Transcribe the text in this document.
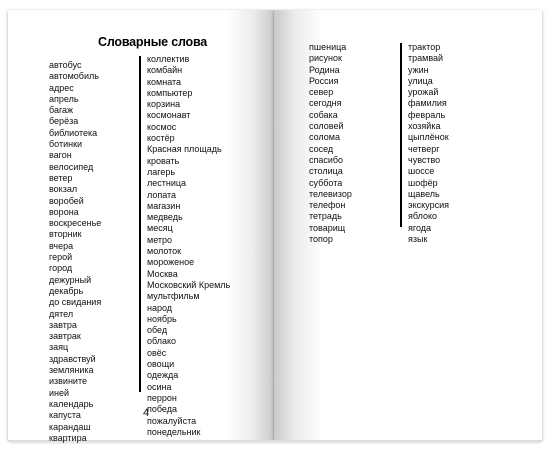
Словарные слова
автобус
автомобиль
адрес
апрель
багаж
берёза
библиотека
ботинки
вагон
велосипед
ветер
вокзал
воробей
ворона
воскресенье
вторник
вчера
герой
город
дежурный
декабрь
до свидания
дятел
завтра
завтрак
заяц
здравствуй
земляника
извините
иней
календарь
капуста
карандаш
квартира
коллектив
комбайн
комната
компьютер
корзина
космонавт
космос
костёр
Красная площадь
кровать
лагерь
лестница
лопата
магазин
медведь
месяц
метро
молоток
мороженое
Москва
Московский Кремль
мультфильм
народ
ноябрь
обед
облако
овёс
овощи
одежда
осина
перрон
победа
пожалуйста
понедельник
пшеница
рисунок
Родина
Россия
север
сегодня
собака
соловей
солома
сосед
спасибо
столица
суббота
телевизор
телефон
тетрадь
товарищ
топор
трактор
трамвай
ужин
улица
урожай
фамилия
февраль
хозяйка
цыплёнок
четверг
чувство
шоссе
шофёр
щавель
экскурсия
яблоко
ягода
язык
4
